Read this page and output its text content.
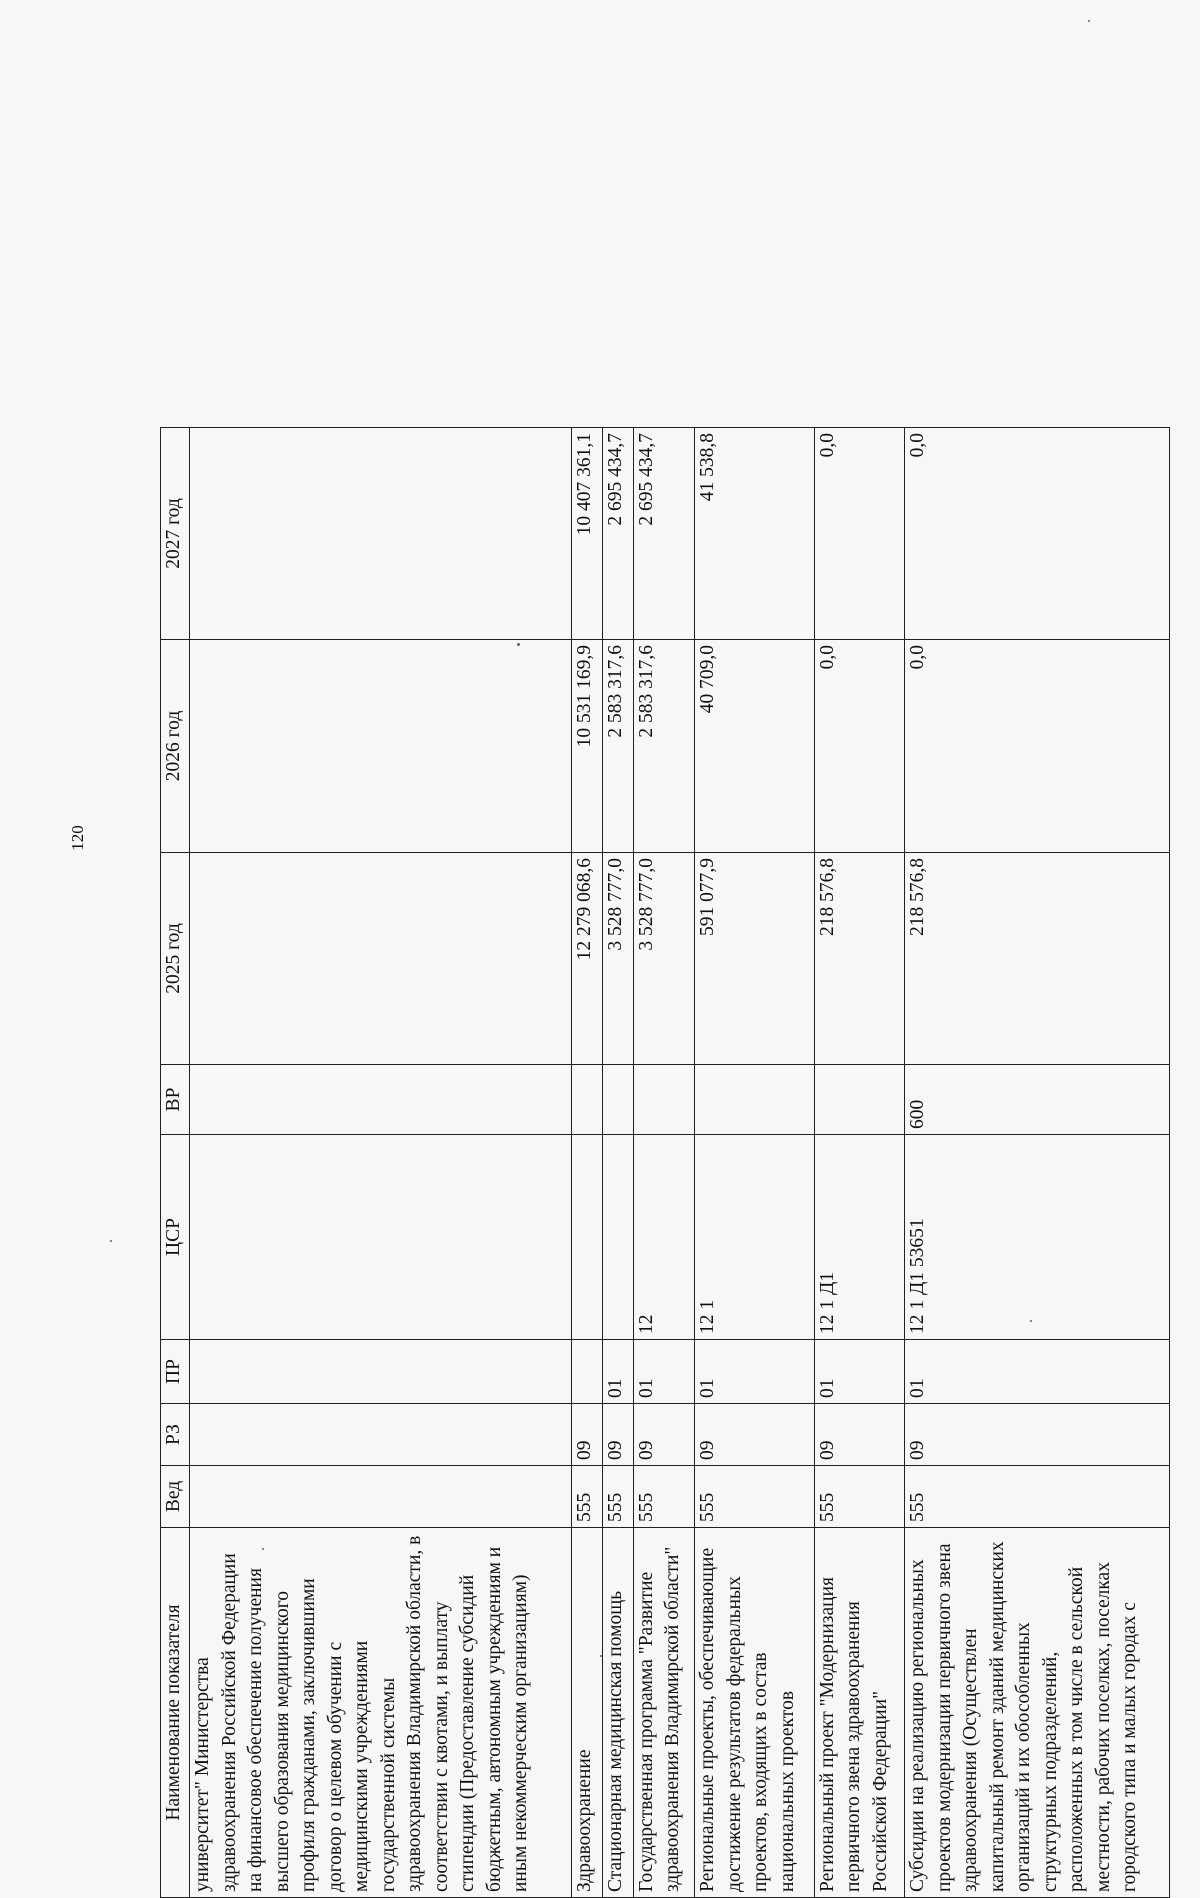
120
Наименование показателя	Вед	РЗ	ПР	ЦСР	ВР	2025 год	2026 год	2027 год
университет" Министерства здравоохранения Российской Федерации на финансовое обеспечение получения высшего образования медицинского профиля гражданами, заключившими договор о целевом обучении с медицинскими учреждениями государственной системы здравоохранения Владимирской области, в соответствии с квотами, и выплату стипендии (Предоставление субсидий бюджетным, автономным учреждениям и иным некоммерческим организациям)								
Здравоохранение	555	09				12 279 068,6	10 531 169,9	10 407 361,1
Стационарная медицинская помощь	555	09	01			3 528 777,0	2 583 317,6	2 695 434,7
Государственная программа "Развитие здравоохранения Владимирской области"	555	09	01	12		3 528 777,0	2 583 317,6	2 695 434,7
Региональные проекты, обеспечивающие достижение результатов федеральных проектов, входящих в состав национальных проектов	555	09	01	12 1		591 077,9	40 709,0	41 538,8
Региональный проект "Модернизация первичного звена здравоохранения Российской Федерации"	555	09	01	12 1 Д1		218 576,8	0,0	0,0
Субсидии на реализацию региональных проектов модернизации первичного звена здравоохранения (Осуществлен капитальный ремонт зданий медицинских организаций и их обособленных структурных подразделений, расположенных в том числе в сельской местности, рабочих поселках, поселках городского типа и малых городах с	555	09	01	12 1 Д1 53651	600	218 576,8	0,0	0,0
